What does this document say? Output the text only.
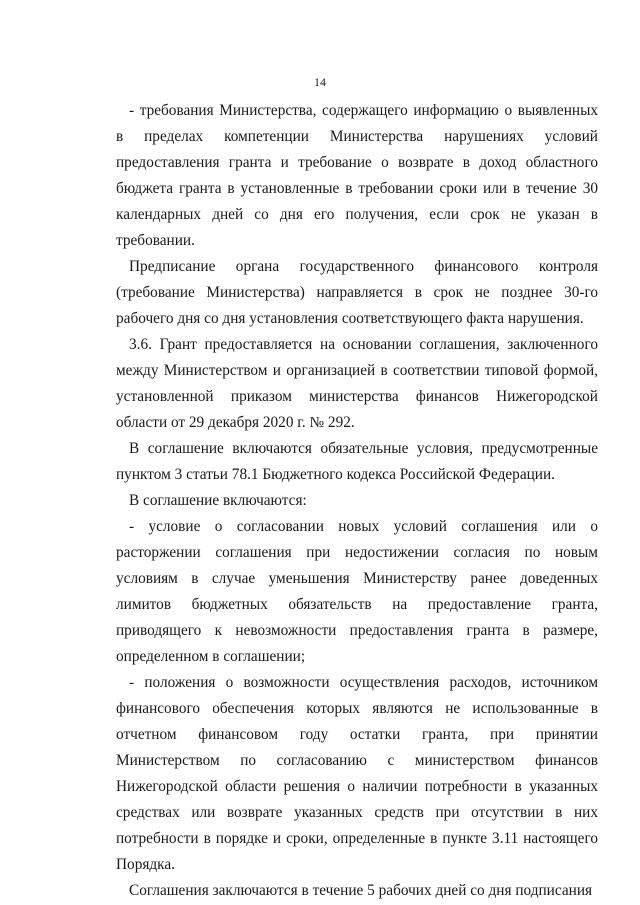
14

- требования Министерства, содержащего информацию о выявленных в пределах компетенции Министерства нарушениях условий предоставления гранта и требование о возврате в доход областного бюджета гранта в установленные в требовании сроки или в течение 30 календарных дней со дня его получения, если срок не указан в требовании.

Предписание органа государственного финансового контроля (требование Министерства) направляется в срок не позднее 30-го рабочего дня со дня установления соответствующего факта нарушения.

3.6. Грант предоставляется на основании соглашения, заключенного между Министерством и организацией в соответствии типовой формой, установленной приказом министерства финансов Нижегородской области от 29 декабря 2020 г. № 292.

В соглашение включаются обязательные условия, предусмотренные пунктом 3 статьи 78.1 Бюджетного кодекса Российской Федерации.

В соглашение включаются:

- условие о согласовании новых условий соглашения или о расторжении соглашения при недостижении согласия по новым условиям в случае уменьшения Министерству ранее доведенных лимитов бюджетных обязательств на предоставление гранта, приводящего к невозможности предоставления гранта в размере, определенном в соглашении;

- положения о возможности осуществления расходов, источником финансового обеспечения которых являются не использованные в отчетном финансовом году остатки гранта, при принятии Министерством по согласованию с министерством финансов Нижегородской области решения о наличии потребности в указанных средствах или возврате указанных средств при отсутствии в них потребности в порядке и сроки, определенные в пункте 3.11 настоящего Порядка.

Соглашения заключаются в течение 5 рабочих дней со дня подписания
